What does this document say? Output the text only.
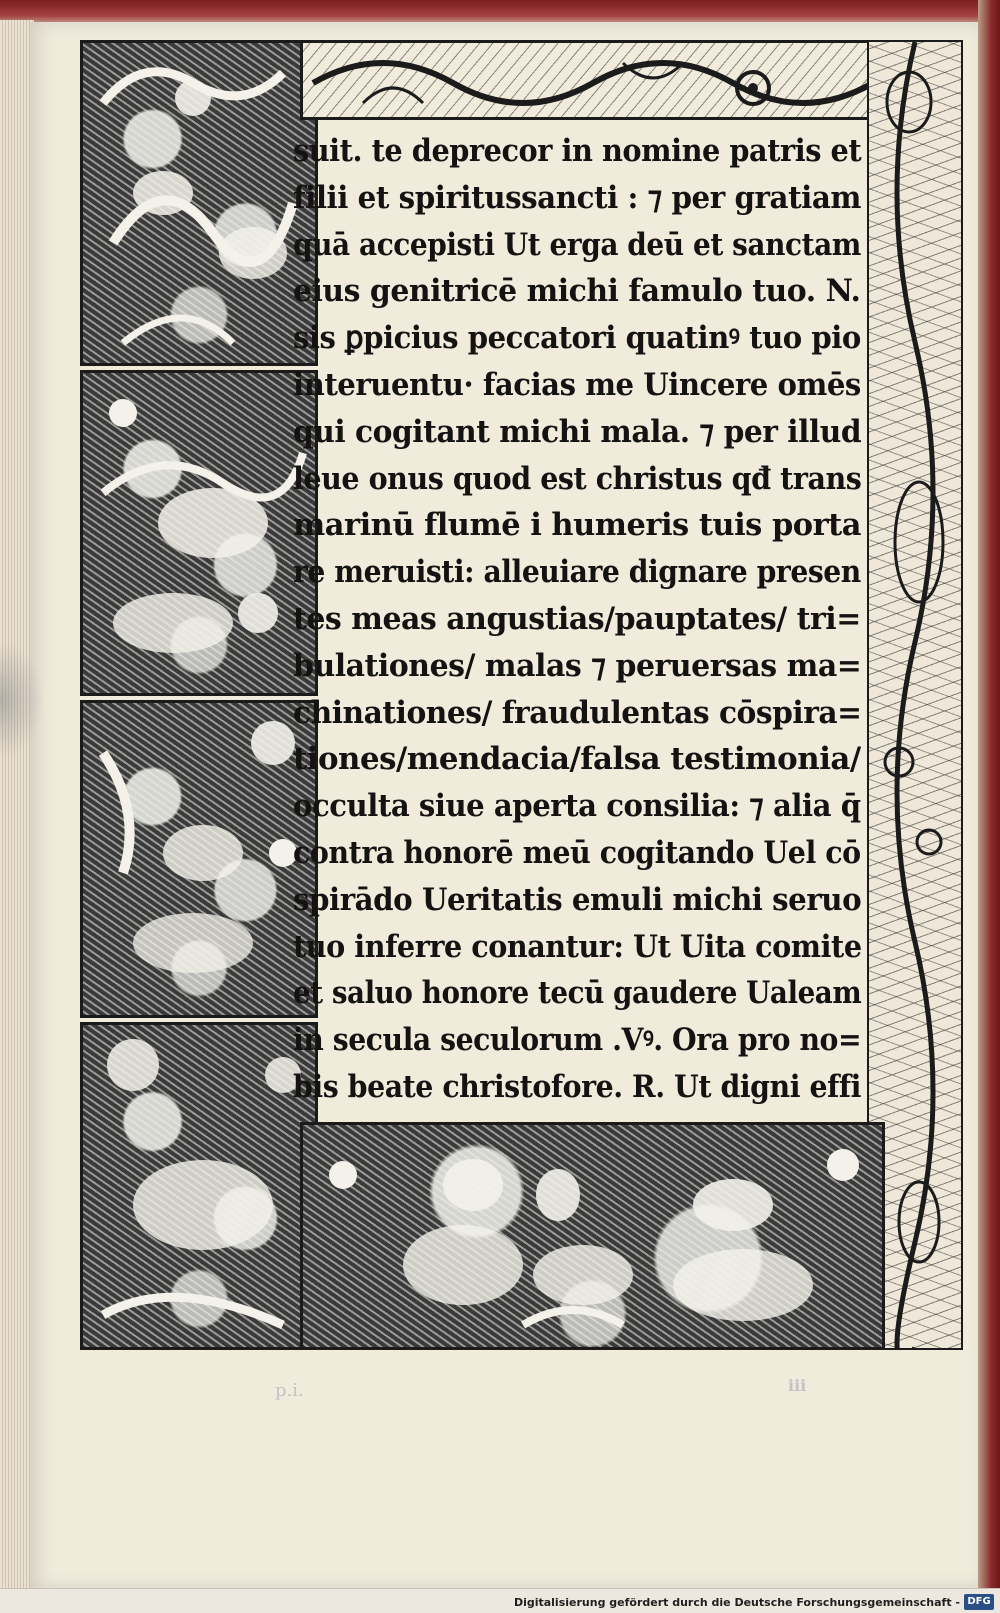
suit. te deprecor in nomine patris et
filii et spiritussancti : ⁊ per gratiam
quā accepisti Ut erga deū et sanctam
eius genitricē michi famulo tuo. N.
sis ꝑpicius peccatori quatinꝰ tuo pio
interuentu· facias me Uincere omēs
qui cogitant michi mala. ⁊ per illud
leue onus quod est christus qđ trans
marinū flumē i humeris tuis porta
re meruisti: alleuiare dignare presen
tes meas angustias/pauptates/ tri=
bulationes/ malas ⁊ peruersas ma=
chinationes/ fraudulentas cōspira=
tiones/mendacia/falsa testimonia/
occulta siue aperta consilia: ⁊ alia q̄
contra honorē meū cogitando Uel cō
spirādo Ueritatis emuli michi seruo
tuo inferre conantur: Ut Uita comite
et saluo honore tecū gaudere Ualeam
in secula seculorum .Vꝰ. Ora pro no=
bis beate christofore. R. Ut digni effi
p.i.	iii
Digitalisierung gefördert durch die Deutsche Forschungsgemeinschaft - DFG
